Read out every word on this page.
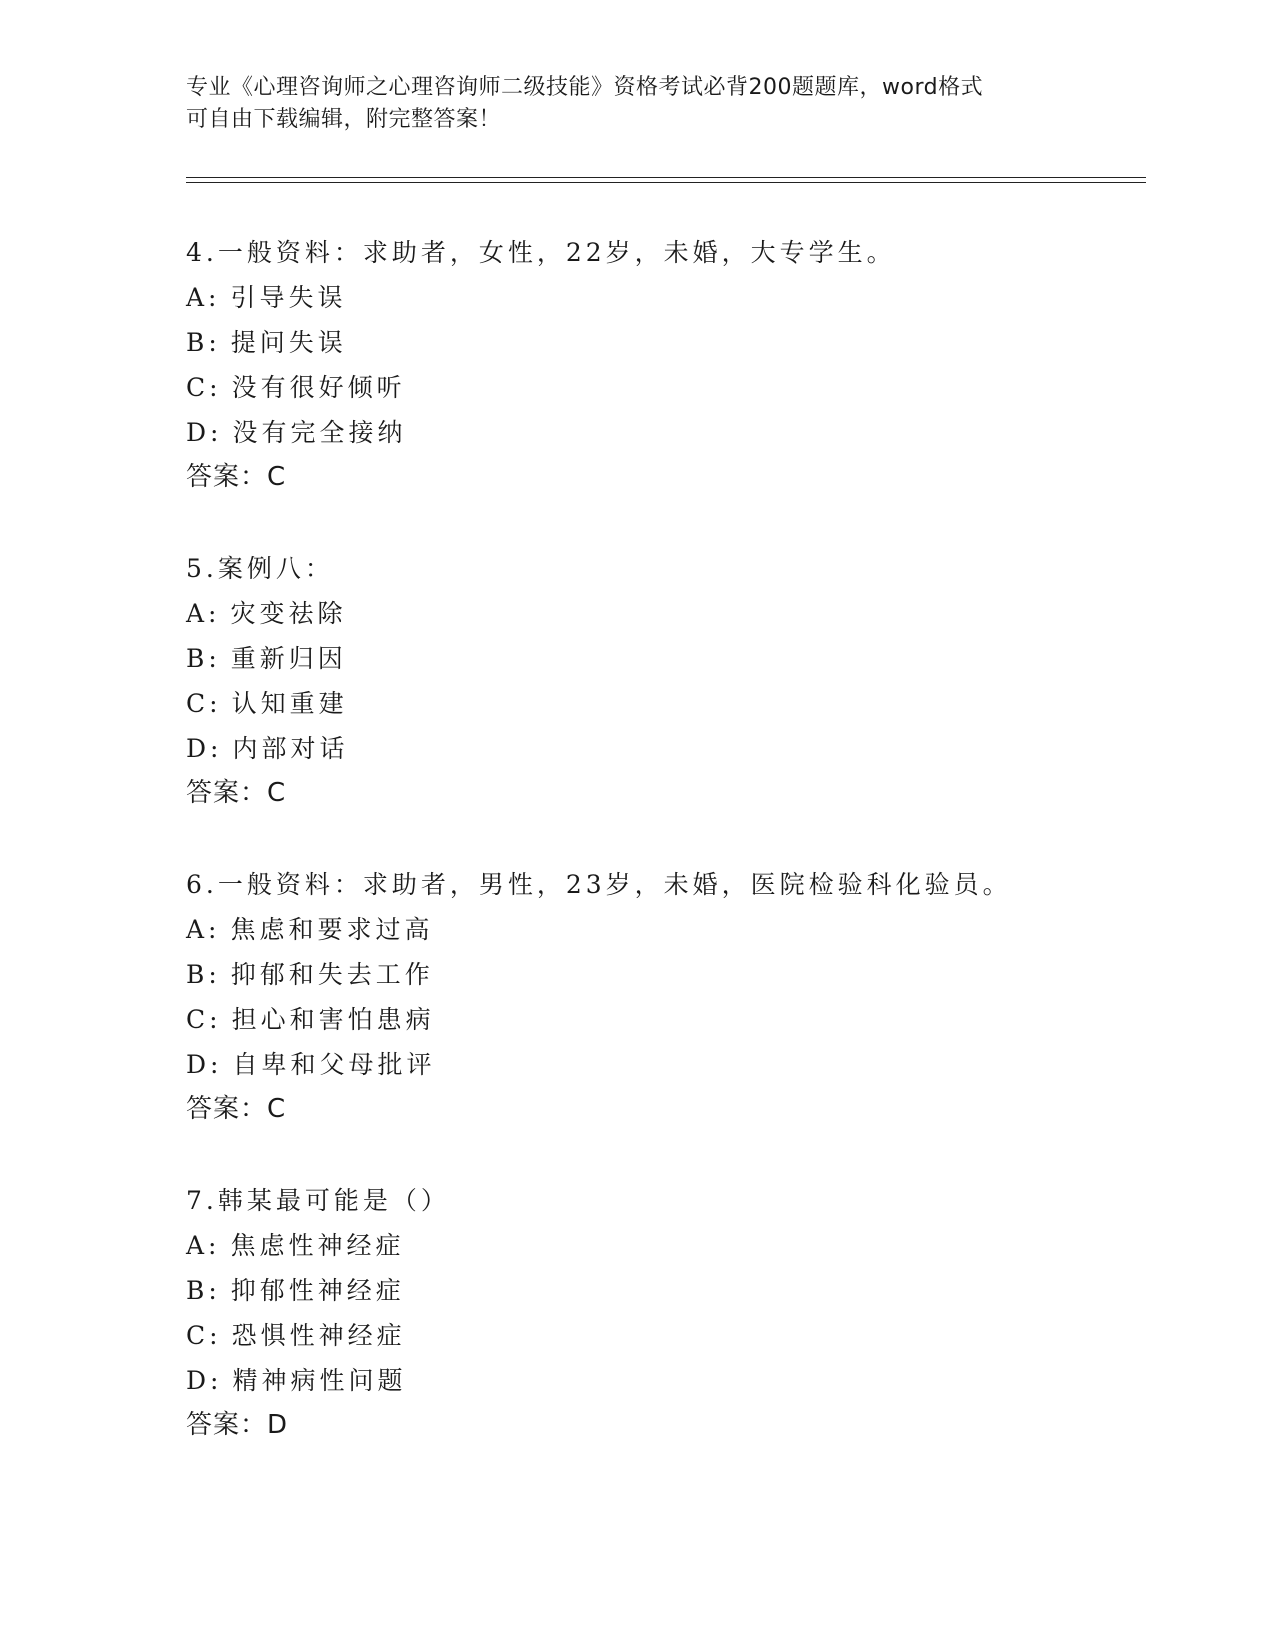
专业《心理咨询师之心理咨询师二级技能》资格考试必背200题题库，word格式
可自由下载编辑，附完整答案！
4.一般资料：求助者，女性，22岁，未婚，大专学生。
A: 引导失误
B: 提问失误
C: 没有很好倾听
D: 没有完全接纳
答案：C
5.案例八：
A: 灾变祛除
B: 重新归因
C: 认知重建
D: 内部对话
答案：C
6.一般资料：求助者，男性，23岁，未婚，医院检验科化验员。
A: 焦虑和要求过高
B: 抑郁和失去工作
C: 担心和害怕患病
D: 自卑和父母批评
答案：C
7.韩某最可能是（）
A: 焦虑性神经症
B: 抑郁性神经症
C: 恐惧性神经症
D: 精神病性问题
答案：D
